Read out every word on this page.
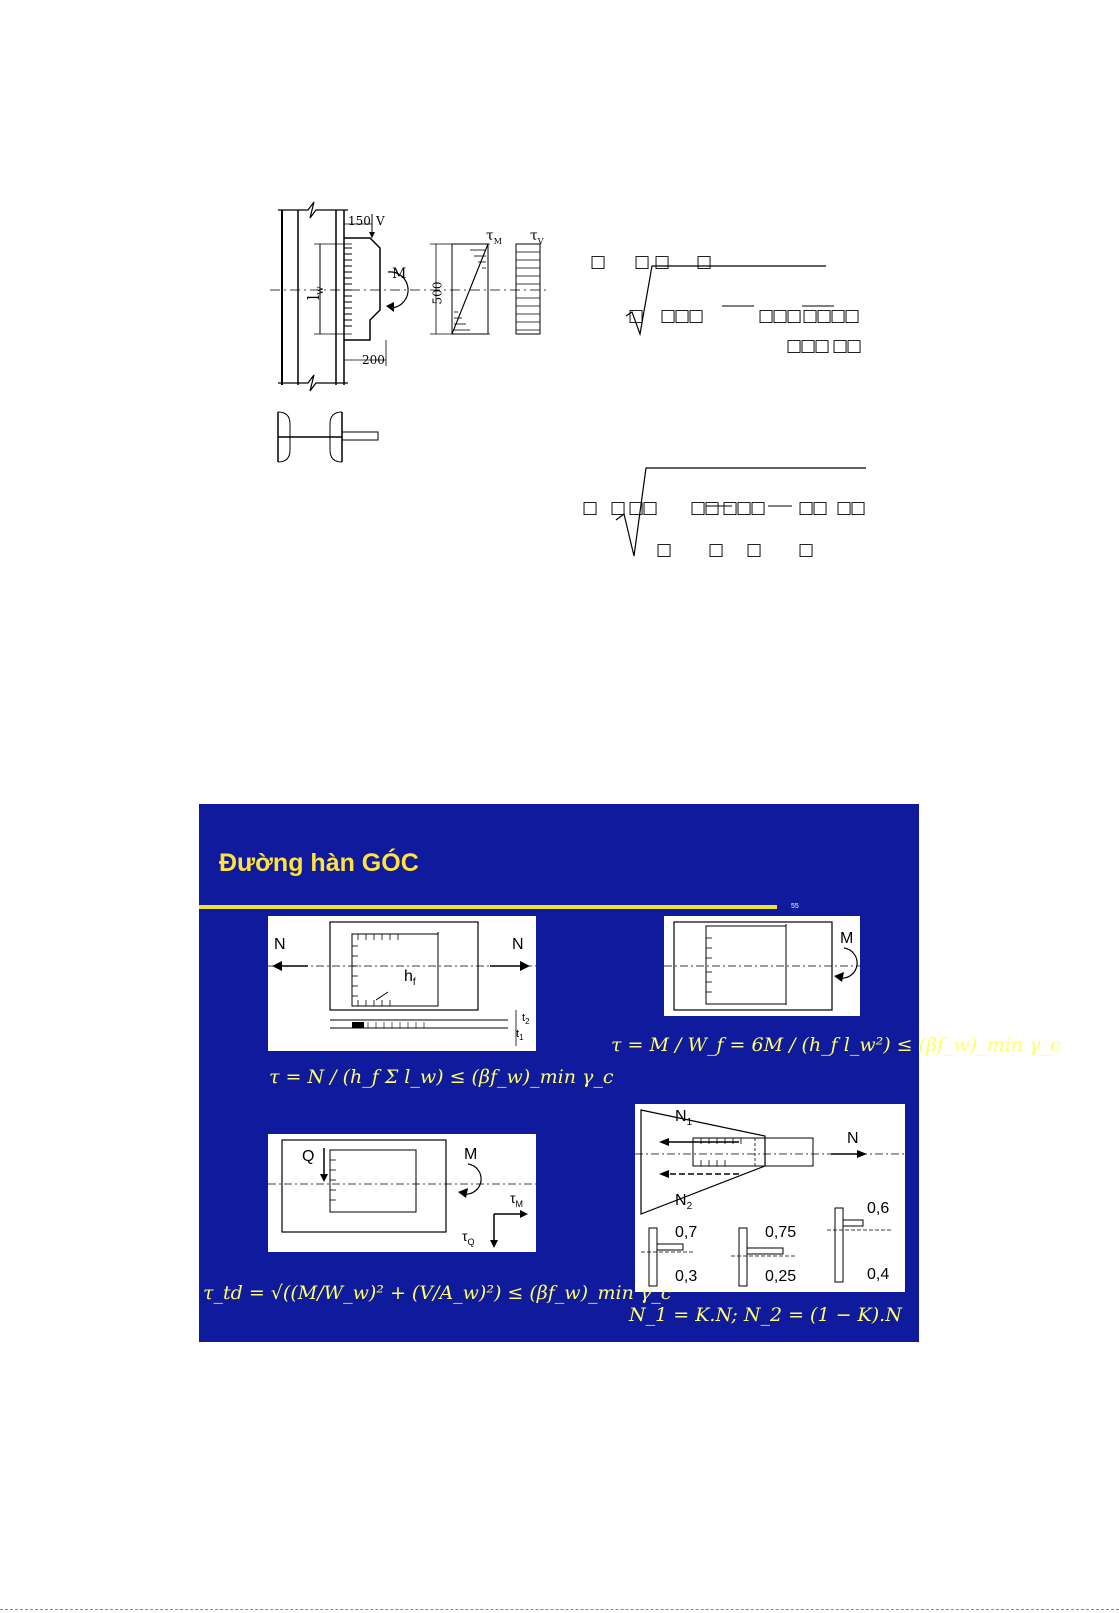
150 V
$l_w$
M
500
200
$\tau_M$ $\tau_V$
□ □ □ □
□ □
□
□	□
□
□ □
□
□
□
□
□
□ □
□
□ □ □
□ □
□ □
□
□ □
□ □
□
□ □ □ □
Đường hàn GÓC
55
N	N
$h_f$
$t_1$
$t_2$
M
Q	M
$\tau_M$
$\tau_Q$
$N_1$
$N_2$
N
0,7
0,3
0,75
0,25
0,6
0,4
τ = N / (h_f Σ l_w) ≤ (βf_w)_min γ_c
τ = M / W_f = 6M / (h_f l_w²) ≤ (βf_w)_min γ_c
τ_td = √((M/W_w)² + (V/A_w)²) ≤ (βf_w)_min γ_c
N_1 = K.N; N_2 = (1 − K).N
